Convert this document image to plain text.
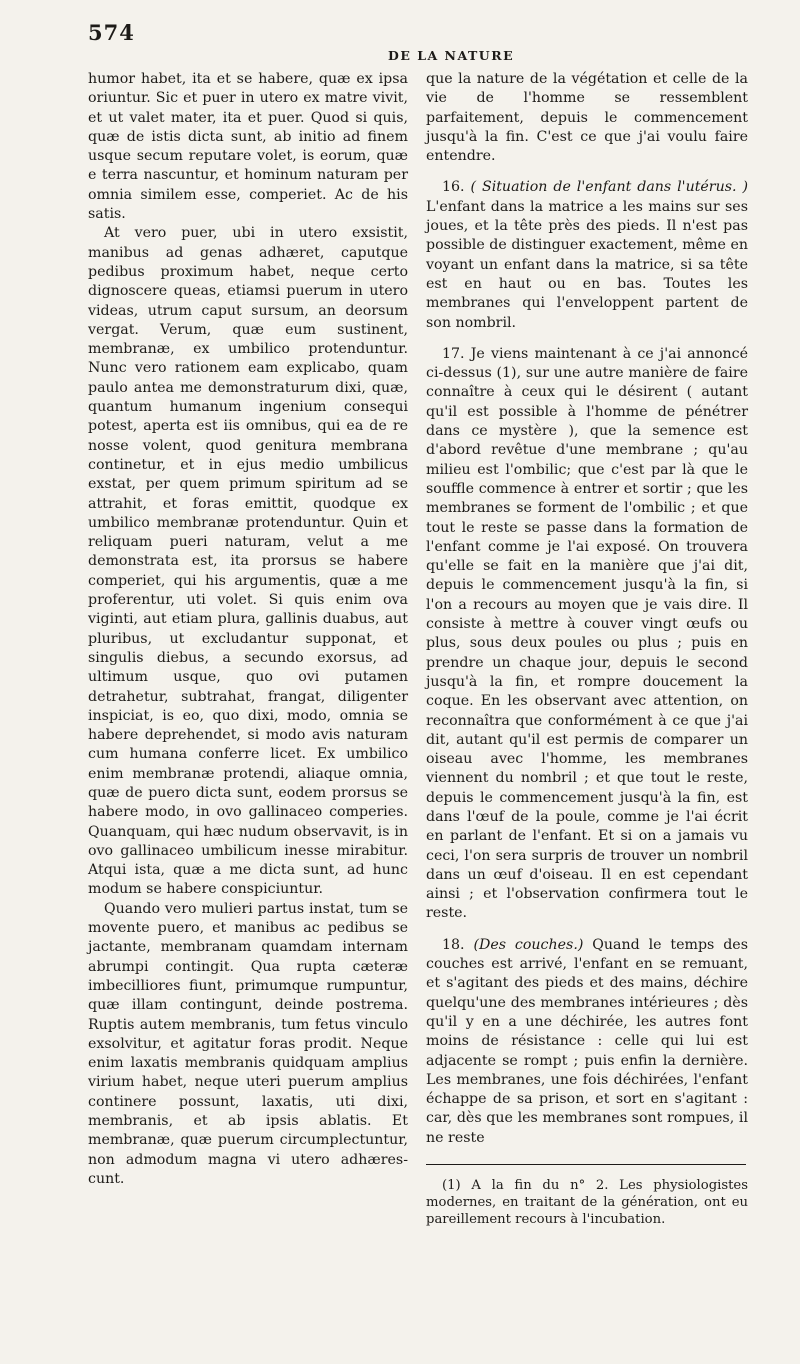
574
DE LA NATURE

humor habet, ita et se habere, quæ ex ipsa oriuntur. Sic et puer in utero ex matre vivit, et ut valet mater, ita et puer. Quod si quis, quæ de istis dicta sunt, ab initio ad finem usque secum reputare volet, is eorum, quæ e terra nascuntur, et hominum naturam per omnia similem esse, comperiet. Ac de his satis.

At vero puer, ubi in utero exsistit, manibus ad genas adhæret, caputque pedibus proximum habet, neque certo dignoscere queas, etiamsi puerum in utero videas, utrum caput sursum, an deorsum vergat. Verum, quæ eum sustinent, membranæ, ex umbilico protenduntur. Nunc vero rationem eam explicabo, quam paulo antea me demonstraturum dixi, quæ, quantum humanum ingenium consequi potest, aperta est iis omnibus, qui ea de re nosse volent, quod genitura membrana continetur, et in ejus medio umbilicus exstat, per quem primum spiritum ad se attrahit, et foras emittit, quodque ex umbilico membranæ protenduntur. Quin et reliquam pueri naturam, velut a me demonstrata est, ita prorsus se habere comperiet, qui his argumentis, quæ a me proferentur, uti volet. Si quis enim ova viginti, aut etiam plura, gallinis duabus, aut pluribus, ut excludantur supponat, et singulis diebus, a secundo exorsus, ad ultimum usque, quo ovi putamen detrahetur, subtrahat, frangat, diligenter inspiciat, is eo, quo dixi, modo, omnia se habere deprehendet, si modo avis naturam cum humana conferre licet. Ex umbilico enim membranæ protendi, aliaque omnia, quæ de puero dicta sunt, eodem prorsus se habere modo, in ovo gallinaceo comperies. Quanquam, qui hæc nudum observavit, is in ovo gallinaceo umbilicum inesse mirabitur. Atqui ista, quæ a me dicta sunt, ad hunc modum se habere conspiciuntur.

Quando vero mulieri partus instat, tum se movente puero, et manibus ac pedibus se jactante, membranam quamdam internam abrumpi contingit. Qua rupta cæteræ imbecilliores fiunt, primumque rumpuntur, quæ illam contingunt, deinde postrema. Ruptis autem membranis, tum fetus vinculo exsolvitur, et agitatur foras prodit. Neque enim laxatis membranis quidquam amplius virium habet, neque uteri puerum amplius continere possunt, laxatis, uti dixi, membranis, et ab ipsis ablatis. Et membranæ, quæ puerum circumplectuntur, non admodum magna vi utero adhæres-cunt.

que la nature de la végétation et celle de la vie de l'homme se ressemblent parfaitement, depuis le commencement jusqu'à la fin. C'est ce que j'ai voulu faire entendre.

16. ( Situation de l'enfant dans l'utérus. ) L'enfant dans la matrice a les mains sur ses joues, et la tête près des pieds. Il n'est pas possible de distinguer exactement, même en voyant un enfant dans la matrice, si sa tête est en haut ou en bas. Toutes les membranes qui l'enveloppent partent de son nombril.

17. Je viens maintenant à ce j'ai annoncé ci-dessus (1), sur une autre manière de faire connaître à ceux qui le désirent ( autant qu'il est possible à l'homme de pénétrer dans ce mystère ), que la semence est d'abord revêtue d'une membrane ; qu'au milieu est l'ombilic; que c'est par là que le souffle commence à entrer et sortir ; que les membranes se forment de l'ombilic ; et que tout le reste se passe dans la formation de l'enfant comme je l'ai exposé. On trouvera qu'elle se fait en la manière que j'ai dit, depuis le commencement jusqu'à la fin, si l'on a recours au moyen que je vais dire. Il consiste à mettre à couver vingt œufs ou plus, sous deux poules ou plus ; puis en prendre un chaque jour, depuis le second jusqu'à la fin, et rompre doucement la coque. En les observant avec attention, on reconnaîtra que conformément à ce que j'ai dit, autant qu'il est permis de comparer un oiseau avec l'homme, les membranes viennent du nombril ; et que tout le reste, depuis le commencement jusqu'à la fin, est dans l'œuf de la poule, comme je l'ai écrit en parlant de l'enfant. Et si on a jamais vu ceci, l'on sera surpris de trouver un nombril dans un œuf d'oiseau. Il en est cependant ainsi ; et l'observation confirmera tout le reste.

18. (Des couches.) Quand le temps des couches est arrivé, l'enfant en se remuant, et s'agitant des pieds et des mains, déchire quelqu'une des membranes intérieures ; dès qu'il y en a une déchirée, les autres font moins de résistance : celle qui lui est adjacente se rompt ; puis enfin la dernière. Les membranes, une fois déchirées, l'enfant échappe de sa prison, et sort en s'agitant : car, dès que les membranes sont rompues, il ne reste

(1) A la fin du n° 2. Les physiologistes modernes, en traitant de la génération, ont eu pareillement recours à l'incubation.
